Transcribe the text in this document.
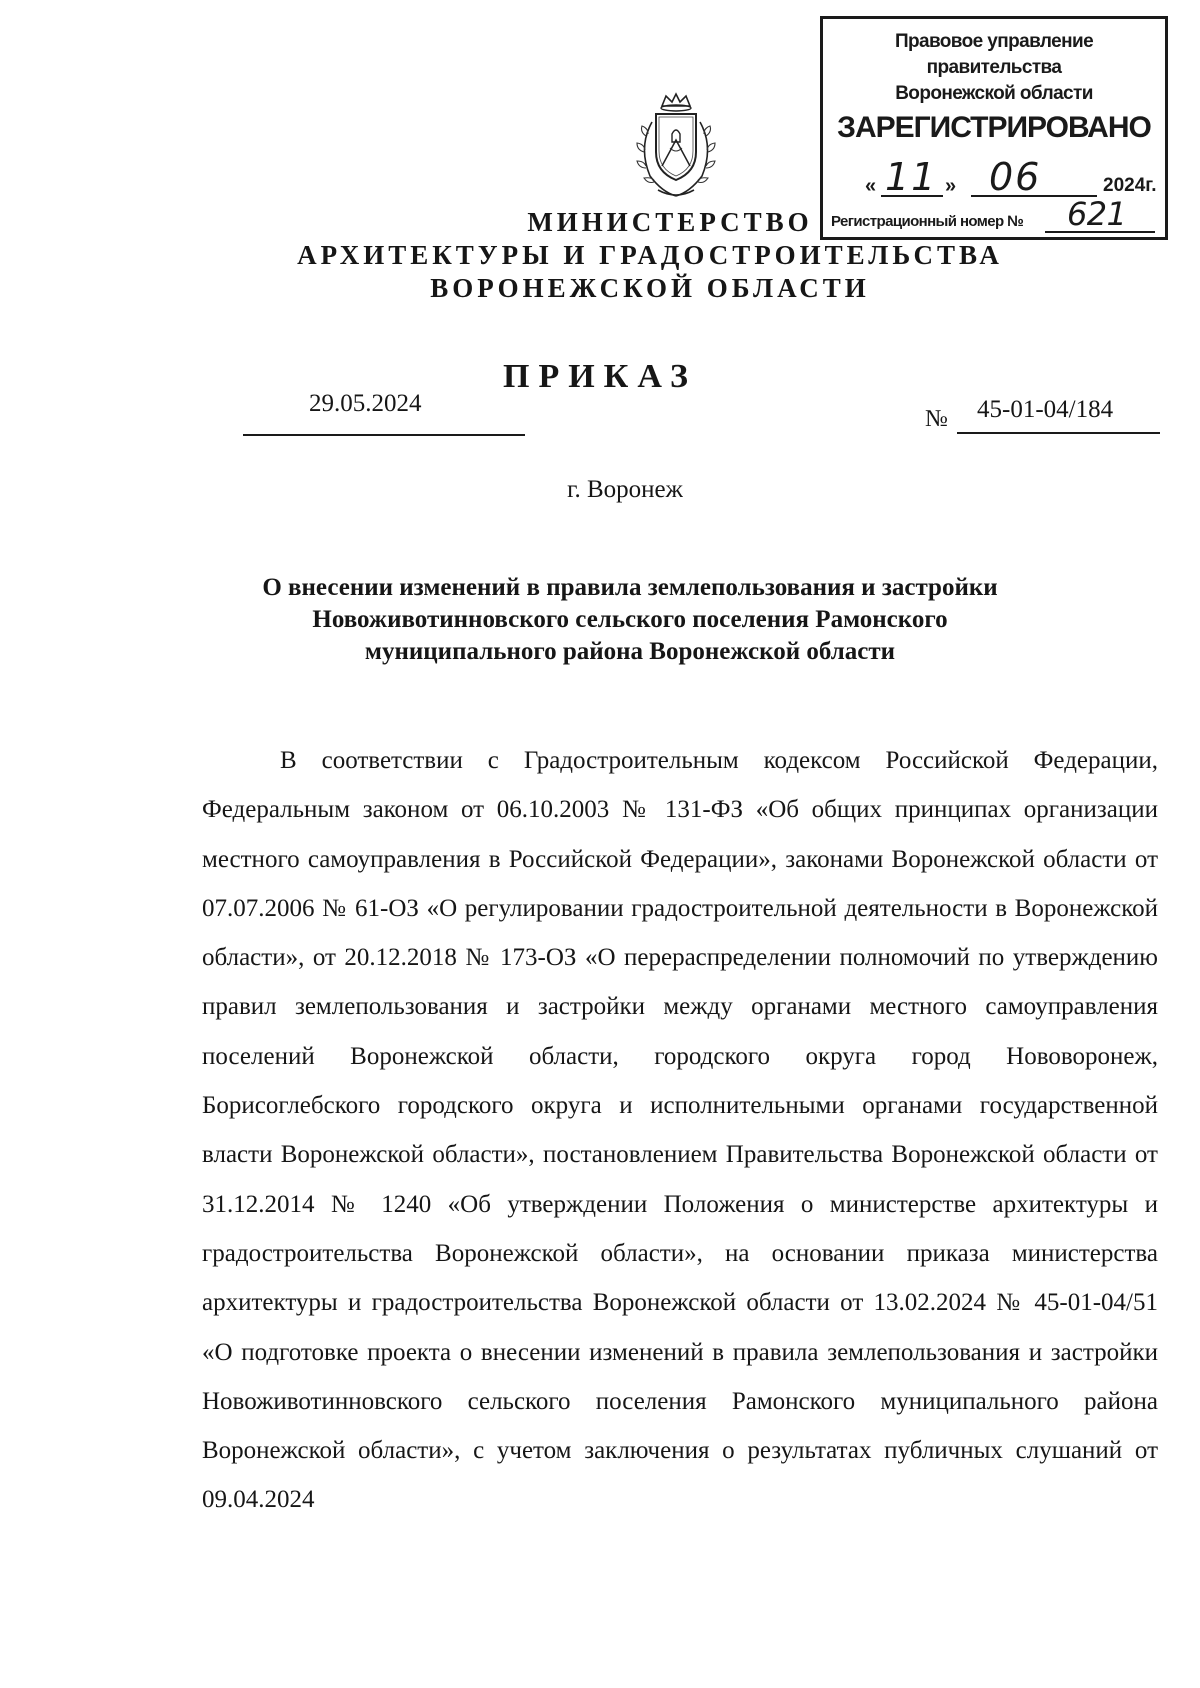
Правовое управление правительства
Воронежской области
ЗАРЕГИСТРИРОВАНО
« 11 » 06	2024г.
Регистрационный номер № 621
МИНИСТЕРСТВО
АРХИТЕКТУРЫ И ГРАДОСТРОИТЕЛЬСТВА
ВОРОНЕЖСКОЙ ОБЛАСТИ
ПРИКАЗ
29.05.2024
№ 45-01-04/184
г. Воронеж
О внесении изменений в правила землепользования и застройки
Новоживотинновского сельского поселения Рамонского
муниципального района Воронежской области
В соответствии с Градостроительным кодексом Российской Федерации, Федеральным законом от 06.10.2003 № 131-ФЗ «Об общих принципах организации местного самоуправления в Российской Федерации», законами Воронежской области от 07.07.2006 № 61-ОЗ «О регулировании градостроительной деятельности в Воронежской области», от 20.12.2018 № 173-ОЗ «О перераспределении полномочий по утверждению правил землепользования и застройки между органами местного самоуправления поселений Воронежской области, городского округа город Нововоронеж, Борисоглебского городского округа и исполнительными органами государственной власти Воронежской области», постановлением Правительства Воронежской области от 31.12.2014 № 1240 «Об утверждении Положения о министерстве архитектуры и градостроительства Воронежской области», на основании приказа министерства архитектуры и градостроительства Воронежской области от 13.02.2024 № 45-01-04/51 «О подготовке проекта о внесении изменений в правила землепользования и застройки Новоживотинновского сельского поселения Рамонского муниципального района Воронежской области», с учетом заключения о результатах публичных слушаний от 09.04.2024
